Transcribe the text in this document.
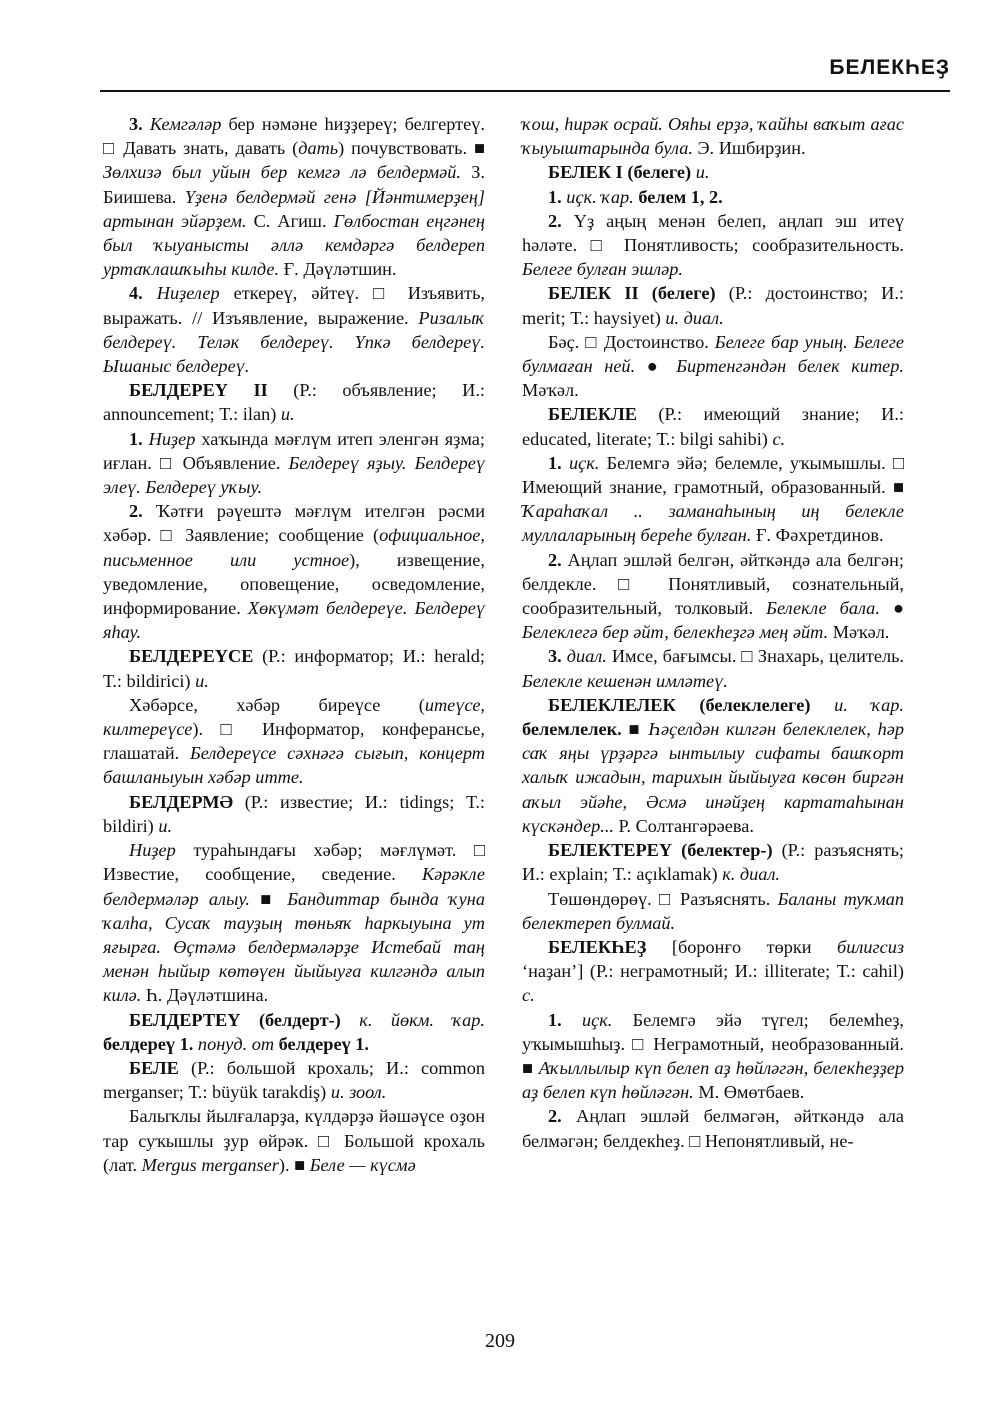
БЕЛЕКҺЕҘ

3. Кемгәләр бер нәмәне һиҙҙереү; белгертеү. □ Давать знать, давать (дать) почувствовать. ■ Зөлхизә был уйын бер кемгә лә белдермәй. З. Биишева. Үҙенә белдермәй генә [Йәнтимерҙең] артынан эйәрҙем. С. Агиш. Гөлбостан еңгәнең был ҡыуанысты әллә кемдәргә белдереп уртаҡлашҡыһы килде. Ғ. Дәүләтшин.

4. Ниҙелер еткереү, әйтеү. □ Изъявить, выражать. // Изъявление, выражение. Ризалыҡ белдереү. Теләк белдереү. Үпкә белдереү. Ышаныс белдереү.

БЕЛДЕРЕҮ II (Р.: объявление; И.: announcement; Т.: ilan) и.

1. Ниҙер хаҡында мәғлүм итеп эленгән яҙма; иғлан. □ Объявление. Белдереү яҙыу. Белдереү элеү. Белдереү уҡыу.

2. Ҡәтғи рәүештә мәғлүм ителгән рәсми хәбәр. □ Заявление; сообщение (официальное, письменное или устное), извещение, уведомление, оповещение, осведомление, информирование. Хөкүмәт белдереүе. Белдереү яһау.

БЕЛДЕРЕҮСЕ (Р.: информатор; И.: herald; Т.: bildirici) и.

Хәбәрсе, хәбәр биреүсе (итеүсе, килтереүсе). □ Информатор, конферансье, глашатай. Белдереүсе сәхнәгә сығып, концерт башланыуын хәбәр итте.

БЕЛДЕРМӘ (Р.: известие; И.: tidings; Т.: bildiri) и.

Ниҙер тураһындағы хәбәр; мәғлүмәт. □ Известие, сообщение, сведение. Кәрәкле белдермәләр алыу. ■ Бандиттар бында ҡуна ҡалһа, Сусаҡ тауҙың төньяҡ һаркыуына ут яғырға. Өҫтәмә белдермәләрҙе Истебай таң менән һыйыр көтөүен йыйыуға килгәндә алып килә. Һ. Дәүләтшина.

БЕЛДЕРТЕҮ (белдерт-) к. йөкм. ҡар. белдереү 1. понуд. от белдереү 1.

БЕЛЕ (Р.: большой крохаль; И.: common merganser; Т.: büyük tarakdiş) и. зоол.

Балыҡлы йылғаларҙа, күлдәрҙә йәшәүсе оҙон тар суҡышлы ҙур өйрәк. □ Большой крохаль (лат. Mergus merganser). ■ Беле — күсмә

ҡош, һирәк осрай. Ояһы ерҙә, ҡайһы ваҡыт ағас ҡыуыштарында була. Э. Ишбирҙин.

БЕЛЕК I (белеге) и.

1. иҫк. ҡар. белем 1, 2.

2. Үҙ аңың менән белеп, аңлап эш итеү һәләте. □ Понятливость; сообразительность. Белеге булған эшләр.

БЕЛЕК II (белеге) (Р.: достоинство; И.: merit; Т.: haysiyet) и. диал.

Бәҫ. □ Достоинство. Белеге бар уның. Белеге булмаған ней. ● Биртенгәндән белек китер. Мәҡәл.

БЕЛЕКЛЕ (Р.: имеющий знание; И.: educated, literate; Т.: bilgi sahibi) с.

1. иҫк. Белемгә эйә; белемле, уҡымышлы. □ Имеющий знание, грамотный, образованный. ■ Ҡараһаҡал .. заманаһының иң белекле муллаларының береһе булған. Ғ. Фәхретдинов.

2. Аңлап эшләй белгән, әйткәндә ала белгән; белдекле. □ Понятливый, сознательный, сообразительный, толковый. Белекле бала. ● Белеклегә бер әйт, белекһеҙгә мең әйт. Мәҡәл.

3. диал. Имсе, бағымсы. □ Знахарь, целитель. Белекле кешенән имләтеү.

БЕЛЕКЛЕЛЕК (белеклелеге) и. ҡар. белемлелек. ■ Һәҫелдән килгән белеклелек, һәр саҡ яңы үрҙәргә ынтылыу сифаты башҡорт халыҡ ижадын, тарихын йыйыуға көсөн биргән аҡыл эйәһе, Әсмә инәйҙең картатаһынан күскәндер... Р. Солтангәрәева.

БЕЛЕКТЕРЕҮ (белектер-) (Р.: разъяснять; И.: explain; Т.: açıklamak) к. диал.

Төшөндөрөү. □ Разъяснять. Баланы туҡмап белектереп булмай.

БЕЛЕКҺЕҘ [боронғо төрки билигсиз ‘наҙан’] (Р.: неграмотный; И.: illiterate; Т.: cahil) с.

1. иҫк. Белемгә эйә түгел; белемһеҙ, уҡымышһыҙ. □ Неграмотный, необразованный. ■ Аҡыллылыр күп белеп аҙ һөйләгән, белекһеҙҙер аҙ белеп күп һөйләгән. М. Өмөтбаев.

2. Аңлап эшләй белмәгән, әйткәндә ала белмәгән; белдекһеҙ. □ Непонятливый, не-

209
